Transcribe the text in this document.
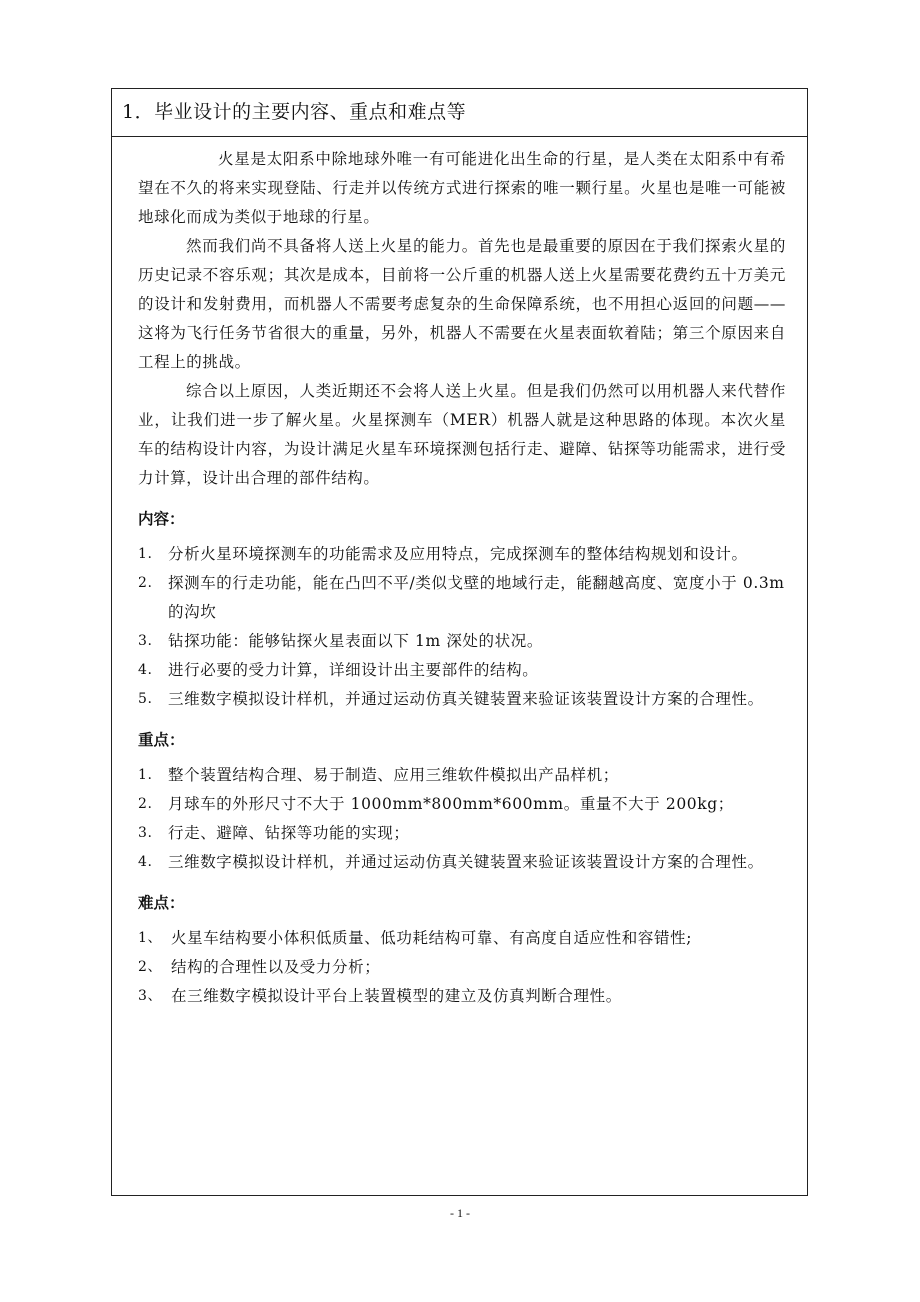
1．毕业设计的主要内容、重点和难点等

火星是太阳系中除地球外唯一有可能进化出生命的行星，是人类在太阳系中有希望在不久的将来实现登陆、行走并以传统方式进行探索的唯一颗行星。火星也是唯一可能被地球化而成为类似于地球的行星。

然而我们尚不具备将人送上火星的能力。首先也是最重要的原因在于我们探索火星的历史记录不容乐观；其次是成本，目前将一公斤重的机器人送上火星需要花费约五十万美元的设计和发射费用，而机器人不需要考虑复杂的生命保障系统，也不用担心返回的问题——这将为飞行任务节省很大的重量，另外，机器人不需要在火星表面软着陆；第三个原因来自工程上的挑战。

综合以上原因，人类近期还不会将人送上火星。但是我们仍然可以用机器人来代替作业，让我们进一步了解火星。火星探测车（MER）机器人就是这种思路的体现。本次火星车的结构设计内容，为设计满足火星车环境探测包括行走、避障、钻探等功能需求，进行受力计算，设计出合理的部件结构。

内容：
1. 分析火星环境探测车的功能需求及应用特点，完成探测车的整体结构规划和设计。
2. 探测车的行走功能，能在凸凹不平/类似戈壁的地域行走，能翻越高度、宽度小于 0.3m 的沟坎
3. 钻探功能：能够钻探火星表面以下 1m 深处的状况。
4. 进行必要的受力计算，详细设计出主要部件的结构。
5. 三维数字模拟设计样机，并通过运动仿真关键装置来验证该装置设计方案的合理性。
重点：
1. 整个装置结构合理、易于制造、应用三维软件模拟出产品样机；
2. 月球车的外形尺寸不大于 1000mm*800mm*600mm。重量不大于 200kg；
3. 行走、避障、钻探等功能的实现；
4. 三维数字模拟设计样机，并通过运动仿真关键装置来验证该装置设计方案的合理性。
难点：
1、 火星车结构要小体积低质量、低功耗结构可靠、有高度自适应性和容错性;
2、 结构的合理性以及受力分析；
3、 在三维数字模拟设计平台上装置模型的建立及仿真判断合理性。
- 1 -
